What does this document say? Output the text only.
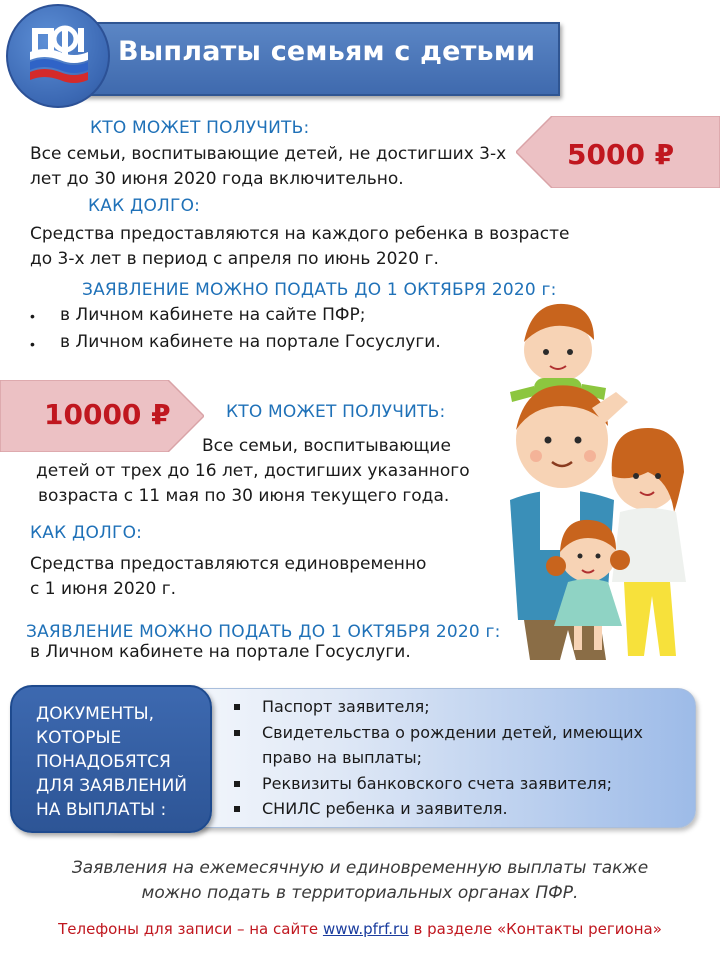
Выплаты семьям с детьми
5000 ₽
КТО МОЖЕТ ПОЛУЧИТЬ:
Все семьи, воспитывающие детей, не достигших 3-х
лет до 30 июня 2020 года включительно.
КАК ДОЛГО:
Средства предоставляются на каждого ребенка в возрасте
до 3-х лет в период с апреля по июнь 2020 г.
ЗАЯВЛЕНИЕ МОЖНО ПОДАТЬ ДО 1 ОКТЯБРЯ 2020 г:
• в Личном кабинете на сайте ПФР;
• в Личном кабинете на портале Госуслуги.
10000 ₽	КТО МОЖЕТ ПОЛУЧИТЬ:
Все семьи, воспитывающие
детей от трех до 16 лет, достигших указанного
возраста с 11 мая по 30 июня текущего года.
КАК ДОЛГО:
Средства предоставляются единовременно
с 1 июня 2020 г.
ЗАЯВЛЕНИЕ МОЖНО ПОДАТЬ ДО 1 ОКТЯБРЯ 2020 г:
в Личном кабинете на портале Госуслуги.
ДОКУМЕНТЫ,
КОТОРЫЕ
ПОНАДОБЯТСЯ
ДЛЯ ЗАЯВЛЕНИЙ
НА ВЫПЛАТЫ :
Паспорт заявителя;
Свидетельства о рождении детей, имеющих
право на выплаты;
Реквизиты банковского счета заявителя;
СНИЛС ребенка и заявителя.
Заявления на ежемесячную и единовременную выплаты также
можно подать в территориальных органах ПФР.
Телефоны для записи – на сайте www.pfrf.ru в разделе «Контакты региона»
